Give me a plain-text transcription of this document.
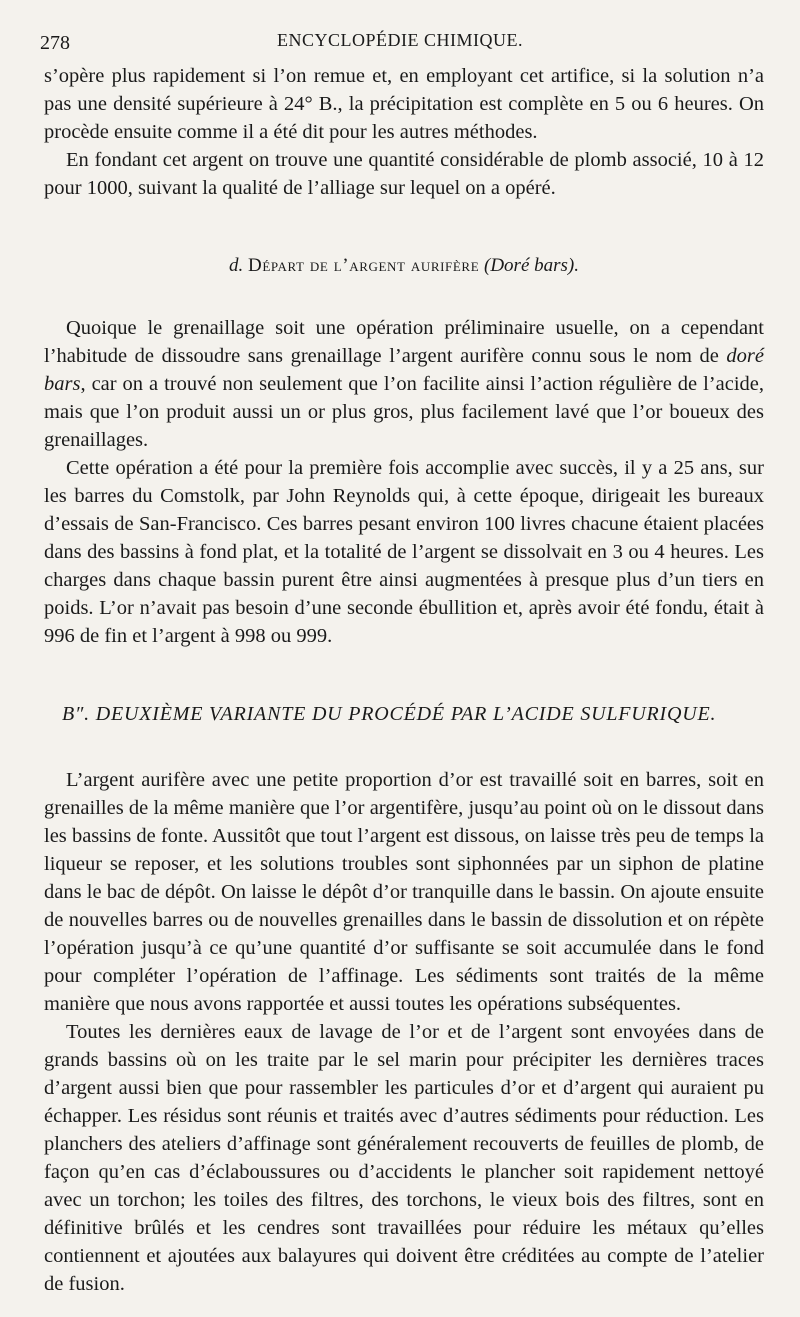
278	ENCYCLOPÉDIE CHIMIQUE.

s’opère plus rapidement si l’on remue et, en employant cet artifice, si la solution n’a pas une densité supérieure à 24° B., la précipitation est complète en 5 ou 6 heures. On procède ensuite comme il a été dit pour les autres méthodes.

En fondant cet argent on trouve une quantité considérable de plomb associé, 10 à 12 pour 1000, suivant la qualité de l’alliage sur lequel on a opéré.

d. Départ de l’argent aurifère (Doré bars).

Quoique le grenaillage soit une opération préliminaire usuelle, on a cependant l’habitude de dissoudre sans grenaillage l’argent aurifère connu sous le nom de doré bars, car on a trouvé non seulement que l’on facilite ainsi l’action régulière de l’acide, mais que l’on produit aussi un or plus gros, plus facilement lavé que l’or boueux des grenaillages.

Cette opération a été pour la première fois accomplie avec succès, il y a 25 ans, sur les barres du Comstolk, par John Reynolds qui, à cette époque, dirigeait les bureaux d’essais de San-Francisco. Ces barres pesant environ 100 livres chacune étaient placées dans des bassins à fond plat, et la totalité de l’argent se dissolvait en 3 ou 4 heures. Les charges dans chaque bassin purent être ainsi augmentées à presque plus d’un tiers en poids. L’or n’avait pas besoin d’une seconde ébullition et, après avoir été fondu, était à 996 de fin et l’argent à 998 ou 999.

B″. DEUXIÈME VARIANTE DU PROCÉDÉ PAR L’ACIDE SULFURIQUE.

L’argent aurifère avec une petite proportion d’or est travaillé soit en barres, soit en grenailles de la même manière que l’or argentifère, jusqu’au point où on le dissout dans les bassins de fonte. Aussitôt que tout l’argent est dissous, on laisse très peu de temps la liqueur se reposer, et les solutions troubles sont siphonnées par un siphon de platine dans le bac de dépôt. On laisse le dépôt d’or tranquille dans le bassin. On ajoute ensuite de nouvelles barres ou de nouvelles grenailles dans le bassin de dissolution et on répète l’opération jusqu’à ce qu’une quantité d’or suffisante se soit accumulée dans le fond pour compléter l’opération de l’affinage. Les sédiments sont traités de la même manière que nous avons rapportée et aussi toutes les opérations subséquentes.

Toutes les dernières eaux de lavage de l’or et de l’argent sont envoyées dans de grands bassins où on les traite par le sel marin pour précipiter les dernières traces d’argent aussi bien que pour rassembler les particules d’or et d’argent qui auraient pu échapper. Les résidus sont réunis et traités avec d’autres sédiments pour réduction. Les planchers des ateliers d’affinage sont généralement recouverts de feuilles de plomb, de façon qu’en cas d’éclaboussures ou d’accidents le plancher soit rapidement nettoyé avec un torchon; les toiles des filtres, des torchons, le vieux bois des filtres, sont en définitive brûlés et les cendres sont travaillées pour réduire les métaux qu’elles contiennent et ajoutées aux balayures qui doivent être créditées au compte de l’atelier de fusion.
